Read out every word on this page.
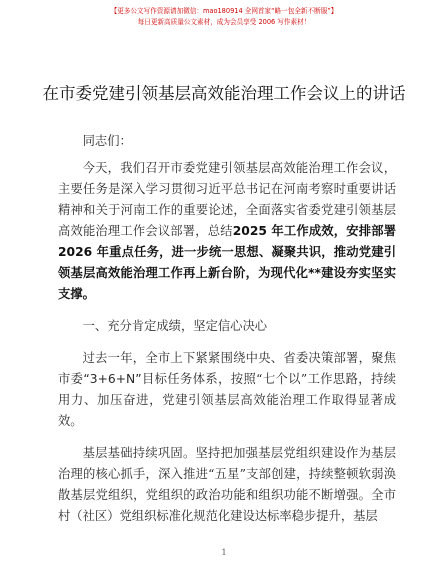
【更多公文写作资源请加微信：mao180914 全网首家“略一包全新不断服”】
每日更新高质量公文素材，成为会员享受 2006 写作素材！
在市委党建引领基层高效能治理工作会议上的讲话

同志们：

今天，我们召开市委党建引领基层高效能治理工作会议，主要任务是深入学习贯彻习近平总书记在河南考察时重要讲话精神和关于河南工作的重要论述，全面落实省委党建引领基层高效能治理工作会议部署，总结2025 年工作成效，安排部署 2026 年重点任务，进一步统一思想、凝聚共识，推动党建引领基层高效能治理工作再上新台阶，为现代化**建设夯实坚实支撑。

一、充分肯定成绩，坚定信心决心

过去一年，全市上下紧紧围绕中央、省委决策部署，聚焦市委“3+6+N”目标任务体系，按照“七个以”工作思路，持续用力、加压奋进，党建引领基层高效能治理工作取得显著成效。

基层基础持续巩固。坚持把加强基层党组织建设作为基层治理的核心抓手，深入推进“五星”支部创建，持续整顿软弱涣散基层党组织，党组织的政治功能和组织功能不断增强。全市村（社区）党组织标准化规范化建设达标率稳步提升，基层

1
